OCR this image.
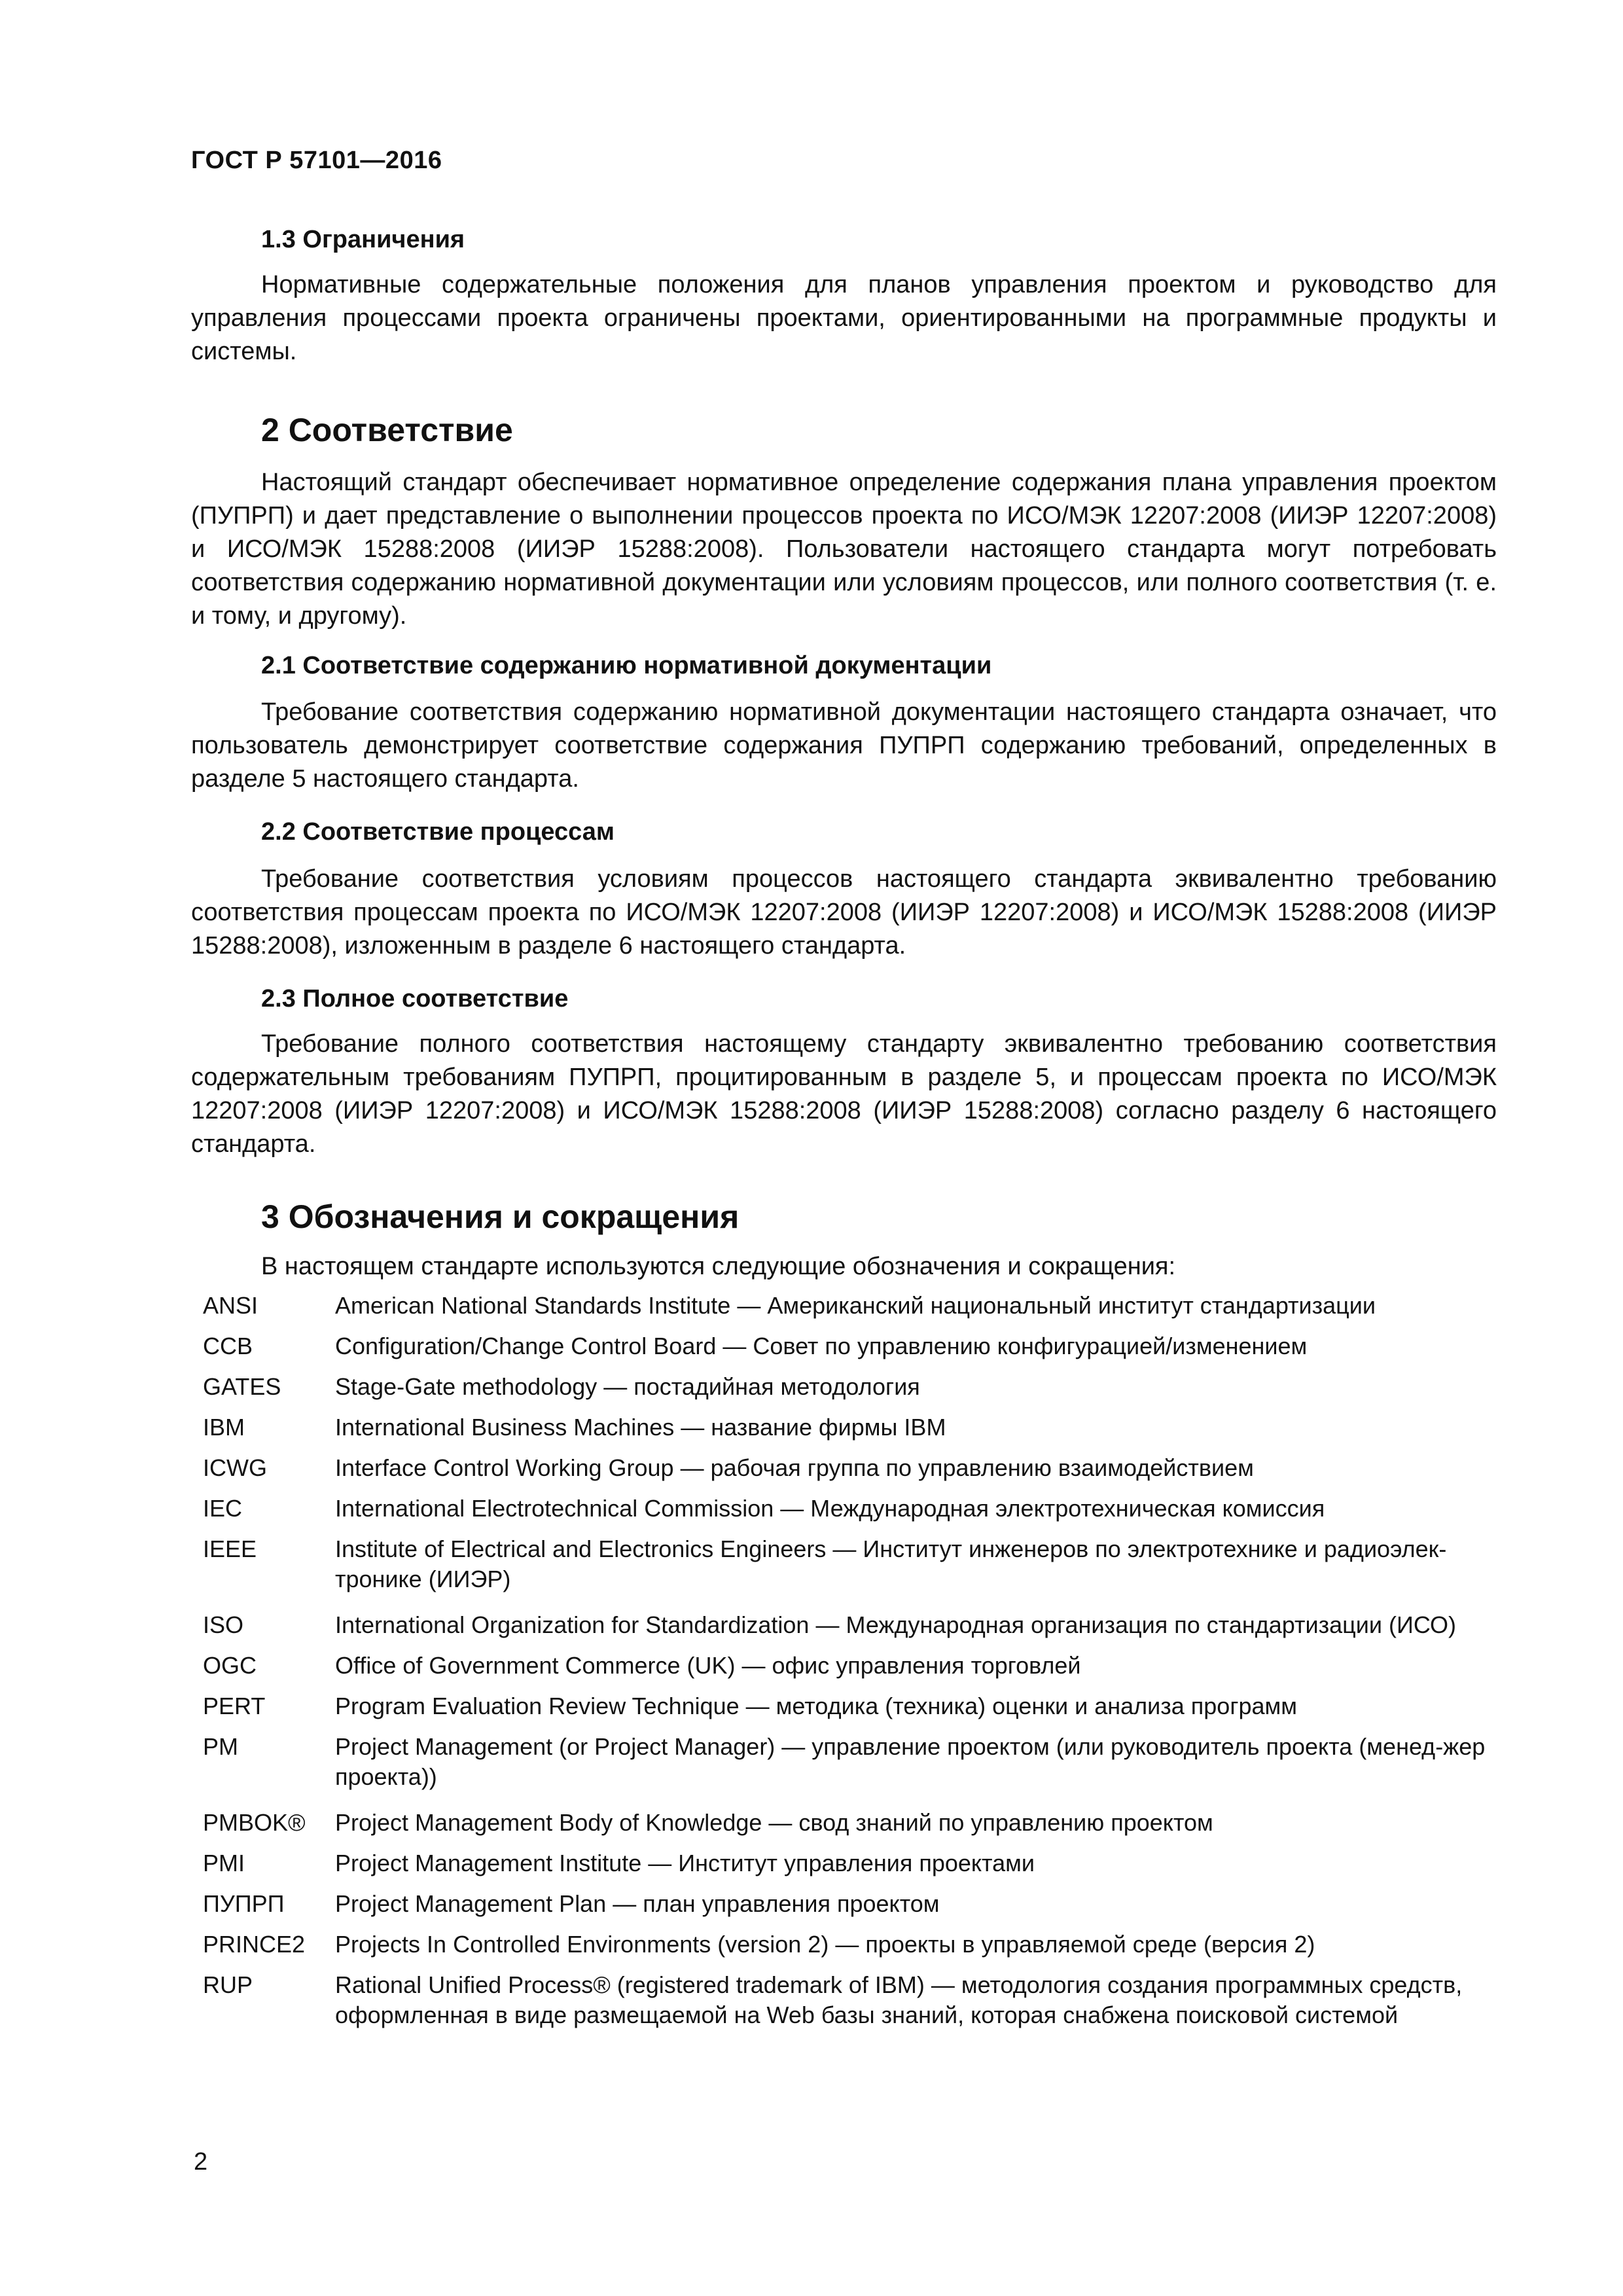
ГОСТ Р 57101—2016
1.3 Ограничения

Нормативные содержательные положения для планов управления проектом и руководство для управления процессами проекта ограничены проектами, ориентированными на программные продукты и системы.

2 Соответствие

Настоящий стандарт обеспечивает нормативное определение содержания плана управления проектом (ПУПРП) и дает представление о выполнении процессов проекта по ИСО/МЭК 12207:2008 (ИИЭР 12207:2008) и ИСО/МЭК 15288:2008 (ИИЭР 15288:2008). Пользователи настоящего стандарта могут потребовать соответствия содержанию нормативной документации или условиям процессов, или полного соответствия (т. е. и тому, и другому).

2.1 Соответствие содержанию нормативной документации

Требование соответствия содержанию нормативной документации настоящего стандарта означает, что пользователь демонстрирует соответствие содержания ПУПРП содержанию требований, определенных в разделе 5 настоящего стандарта.

2.2 Соответствие процессам

Требование соответствия условиям процессов настоящего стандарта эквивалентно требованию соответствия процессам проекта по ИСО/МЭК 12207:2008 (ИИЭР 12207:2008) и ИСО/МЭК 15288:2008 (ИИЭР 15288:2008), изложенным в разделе 6 настоящего стандарта.

2.3 Полное соответствие

Требование полного соответствия настоящему стандарту эквивалентно требованию соответствия содержательным требованиям ПУПРП, процитированным в разделе 5, и процессам проекта по ИСО/МЭК 12207:2008 (ИИЭР 12207:2008) и ИСО/МЭК 15288:2008 (ИИЭР 15288:2008) согласно разделу 6 настоящего стандарта.

3 Обозначения и сокращения
В настоящем стандарте используются следующие обозначения и сокращения:
ANSI	American National Standards Institute — Американский национальный институт стандартизации
CCB	Configuration/Change Control Board — Совет по управлению конфигурацией/изменением
GATES	Stage-Gate methodology — постадийная методология
IBM	International Business Machines — название фирмы IBM
ICWG	Interface Control Working Group — рабочая группа по управлению взаимодействием
IEC	International Electrotechnical Commission — Международная электротехническая комиссия
IEEE	Institute of Electrical and Electronics Engineers — Институт инженеров по электротехнике и радиоэлек-тронике (ИИЭР)
ISO	International Organization for Standardization — Международная организация по стандартизации (ИСО)
OGC	Office of Government Commerce (UK) — офис управления торговлей
PERT	Program Evaluation Review Technique — методика (техника) оценки и анализа программ
PM	Project Management (or Project Manager) — управление проектом (или руководитель проекта (менед-жер проекта))
PMBOK®	Project Management Body of Knowledge — свод знаний по управлению проектом
PMI	Project Management Institute — Институт управления проектами
ПУПРП	Project Management Plan — план управления проектом
PRINCE2	Projects In Controlled Environments (version 2) — проекты в управляемой среде (версия 2)
RUP	Rational Unified Process® (registered trademark of IBM) — методология создания программных средств, оформленная в виде размещаемой на Web базы знаний, которая снабжена поисковой системой
2
